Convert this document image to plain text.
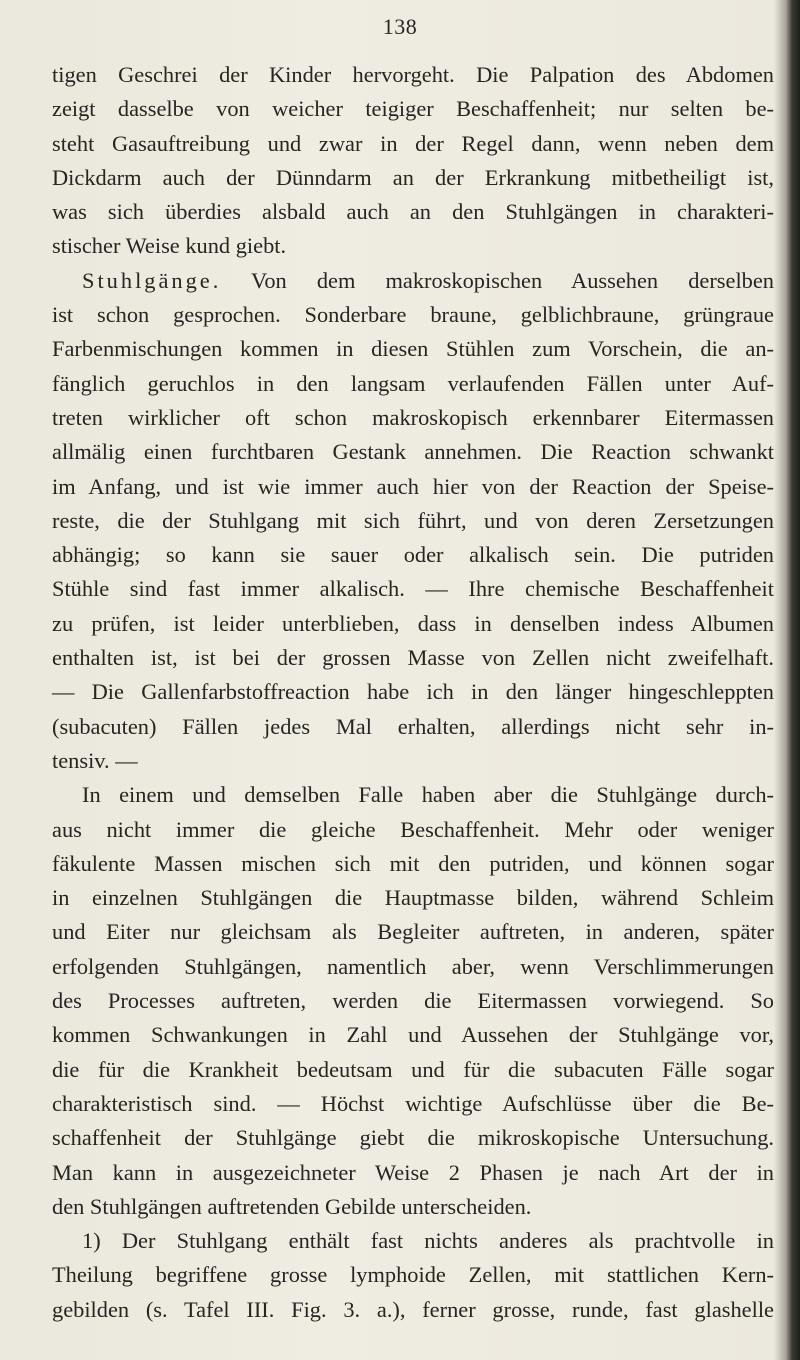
138
tigen Geschrei der Kinder hervorgeht. Die Palpation des Abdomen
zeigt dasselbe von weicher teigiger Beschaffenheit; nur selten be-
steht Gasauftreibung und zwar in der Regel dann, wenn neben dem
Dickdarm auch der Dünndarm an der Erkrankung mitbetheiligt ist,
was sich überdies alsbald auch an den Stuhlgängen in charakteri-
stischer Weise kund giebt.
Stuhlgänge. Von dem makroskopischen Aussehen derselben
ist schon gesprochen. Sonderbare braune, gelblichbraune, grüngraue
Farbenmischungen kommen in diesen Stühlen zum Vorschein, die an-
fänglich geruchlos in den langsam verlaufenden Fällen unter Auf-
treten wirklicher oft schon makroskopisch erkennbarer Eitermassen
allmälig einen furchtbaren Gestank annehmen. Die Reaction schwankt
im Anfang, und ist wie immer auch hier von der Reaction der Speise-
reste, die der Stuhlgang mit sich führt, und von deren Zersetzungen
abhängig; so kann sie sauer oder alkalisch sein. Die putriden
Stühle sind fast immer alkalisch. — Ihre chemische Beschaffenheit
zu prüfen, ist leider unterblieben, dass in denselben indess Albumen
enthalten ist, ist bei der grossen Masse von Zellen nicht zweifelhaft.
— Die Gallenfarbstoffreaction habe ich in den länger hingeschleppten
(subacuten) Fällen jedes Mal erhalten, allerdings nicht sehr in-
tensiv. —
In einem und demselben Falle haben aber die Stuhlgänge durch-
aus nicht immer die gleiche Beschaffenheit. Mehr oder weniger
fäkulente Massen mischen sich mit den putriden, und können sogar
in einzelnen Stuhlgängen die Hauptmasse bilden, während Schleim
und Eiter nur gleichsam als Begleiter auftreten, in anderen, später
erfolgenden Stuhlgängen, namentlich aber, wenn Verschlimmerungen
des Processes auftreten, werden die Eitermassen vorwiegend. So
kommen Schwankungen in Zahl und Aussehen der Stuhlgänge vor,
die für die Krankheit bedeutsam und für die subacuten Fälle sogar
charakteristisch sind. — Höchst wichtige Aufschlüsse über die Be-
schaffenheit der Stuhlgänge giebt die mikroskopische Untersuchung.
Man kann in ausgezeichneter Weise 2 Phasen je nach Art der in
den Stuhlgängen auftretenden Gebilde unterscheiden.
1) Der Stuhlgang enthält fast nichts anderes als prachtvolle in
Theilung begriffene grosse lymphoide Zellen, mit stattlichen Kern-
gebilden (s. Tafel III. Fig. 3. a.), ferner grosse, runde, fast glashelle
